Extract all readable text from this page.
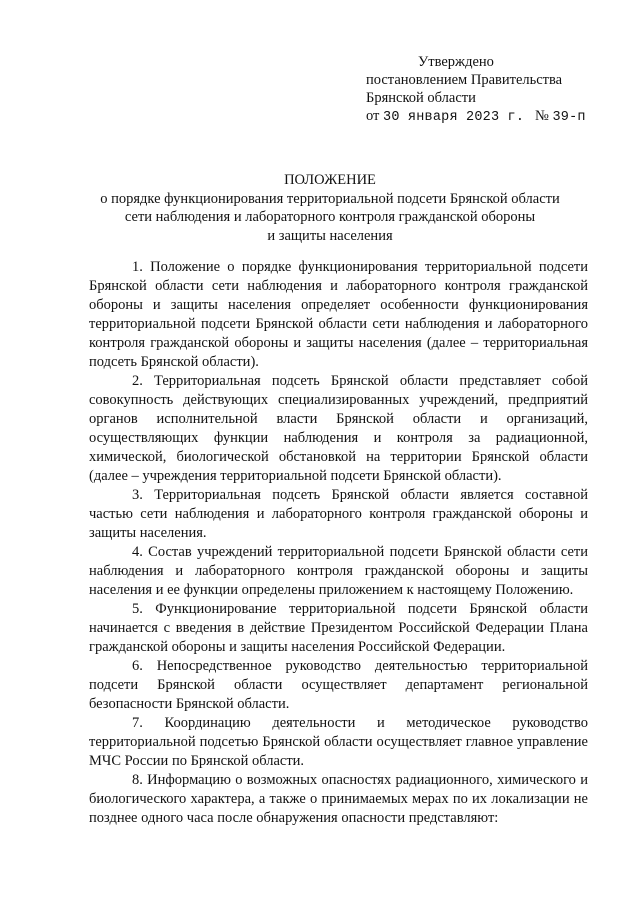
Утверждено
постановлением Правительства
Брянской области
от 30 января 2023 г. № 39-п
ПОЛОЖЕНИЕ
о порядке функционирования территориальной подсети Брянской области
сети наблюдения и лабораторного контроля гражданской обороны
и защиты населения

1. Положение о порядке функционирования территориальной подсети Брянской области сети наблюдения и лабораторного контроля гражданской обороны и защиты населения определяет особенности функционирования территориальной подсети Брянской области сети наблюдения и лабораторного контроля гражданской обороны и защиты населения (далее – территориальная подсеть Брянской области).

2. Территориальная подсеть Брянской области представляет собой совокупность действующих специализированных учреждений, предприятий органов исполнительной власти Брянской области и организаций, осуществляющих функции наблюдения и контроля за радиационной, химической, биологической обстановкой на территории Брянской области (далее – учреждения территориальной подсети Брянской области).

3. Территориальная подсеть Брянской области является составной частью сети наблюдения и лабораторного контроля гражданской обороны и защиты населения.

4. Состав учреждений территориальной подсети Брянской области сети наблюдения и лабораторного контроля гражданской обороны и защиты населения и ее функции определены приложением к настоящему Положению.

5. Функционирование территориальной подсети Брянской области начинается с введения в действие Президентом Российской Федерации Плана гражданской обороны и защиты населения Российской Федерации.

6. Непосредственное руководство деятельностью территориальной подсети Брянской области осуществляет департамент региональной безопасности Брянской области.

7. Координацию деятельности и методическое руководство территориальной подсетью Брянской области осуществляет главное управление МЧС России по Брянской области.

8. Информацию о возможных опасностях радиационного, химического и биологического характера, а также о принимаемых мерах по их локализации не позднее одного часа после обнаружения опасности представляют:
